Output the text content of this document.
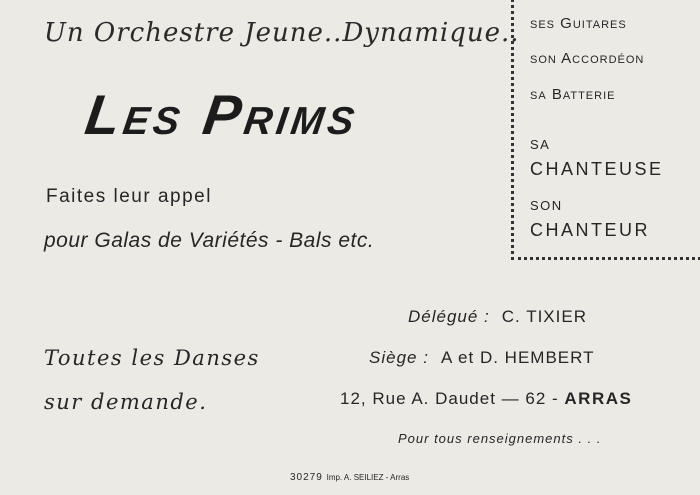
Un Orchestre Jeune..Dynamique..
Les Prims
Faites leur appel
pour Galas de Variétés - Bals etc.
ses Guitares
son Accordéon
sa Batterie
SA
CHANTEUSE
SON
CHANTEUR
Toutes les Danses
sur demande.
Délégué : C. TIXIER
Siège : A et D. HEMBERT
12, Rue A. Daudet — 62 - ARRAS
Pour tous renseignements . . .
30279 Imp. A. SEILIEZ - Arras
